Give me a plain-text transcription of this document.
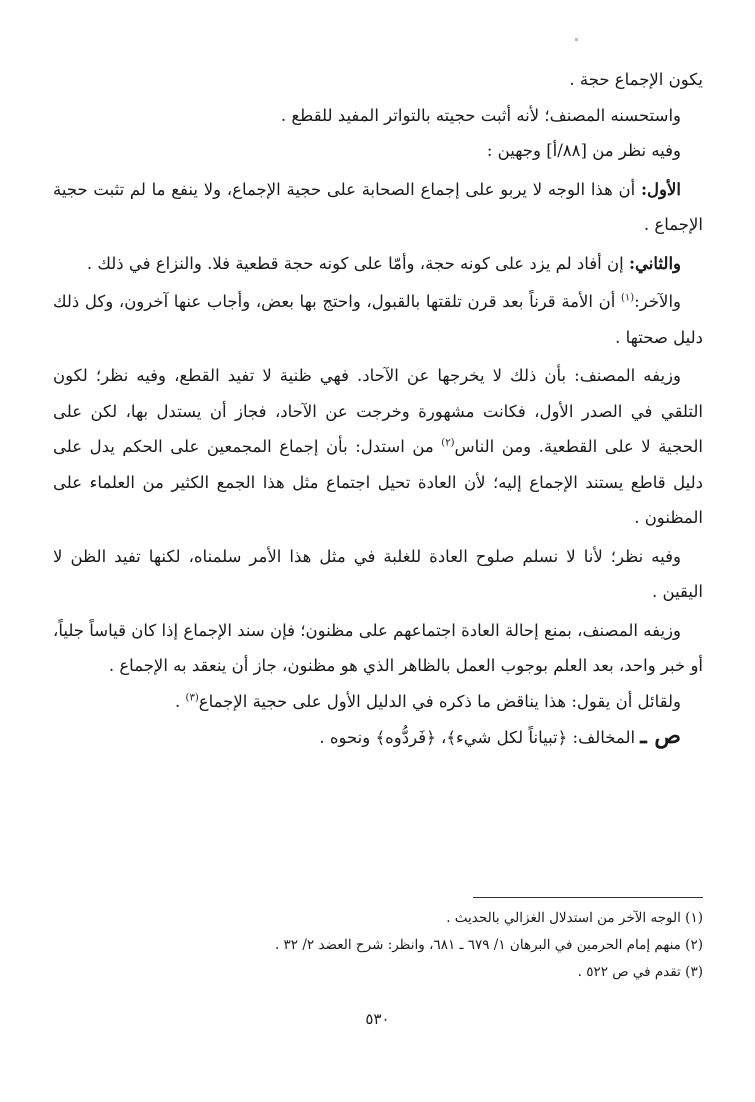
يكون الإجماع حجة .

واستحسنه المصنف؛ لأنه أثبت حجيته بالتواتر المفيد للقطع .

وفيه نظر من [٨٨/أ] وجهين :

الأول: أن هذا الوجه لا يربو على إجماع الصحابة على حجية الإجماع، ولا ينفع ما لم تثبت حجية الإجماع .

والثاني: إن أفاد لم يزد على كونه حجة، وأمّا على كونه حجة قطعية فلا. والنزاع في ذلك .

والآخر:$^{(١)}$ أن الأمة قرناً بعد قرن تلقتها بالقبول، واحتج بها بعض، وأجاب عنها آخرون، وكل ذلك دليل صحتها .

وزيفه المصنف: بأن ذلك لا يخرجها عن الآحاد. فهي ظنية لا تفيد القطع، وفيه نظر؛ لكون التلقي في الصدر الأول، فكانت مشهورة وخرجت عن الآحاد، فجاز أن يستدل بها، لكن على الحجية لا على القطعية. ومن الناس$^{(٢)}$ من استدل: بأن إجماع المجمعين على الحكم يدل على دليل قاطع يستند الإجماع إليه؛ لأن العادة تحيل اجتماع مثل هذا الجمع الكثير من العلماء على المظنون .

وفيه نظر؛ لأنا لا نسلم صلوح العادة للغلبة في مثل هذا الأمر سلمناه، لكنها تفيد الظن لا اليقين .

وزيفه المصنف، بمنع إحالة العادة اجتماعهم على مظنون؛ فإن سند الإجماع إذا كان قياساً جلياً، أو خبر واحد، بعد العلم بوجوب العمل بالظاهر الذي هو مظنون، جاز أن ينعقد به الإجماع .

ولقائل أن يقول: هذا يناقض ما ذكره في الدليل الأول على حجية الإجماع$^{(٣)}$ .

ص ـ المخالف: ﴿تبياناً لكل شيء﴾، ﴿فَردُّوه﴾ ونحوه .

(١) الوجه الآخر من استدلال الغزالي بالحديث .
(٢) منهم إمام الحرمين في البرهان ١/ ٦٧٩ ـ ٦٨١، وانظر: شرح العضد ٢/ ٣٢ .
(٣) تقدم في ص ٥٢٢ .
٥٣٠
